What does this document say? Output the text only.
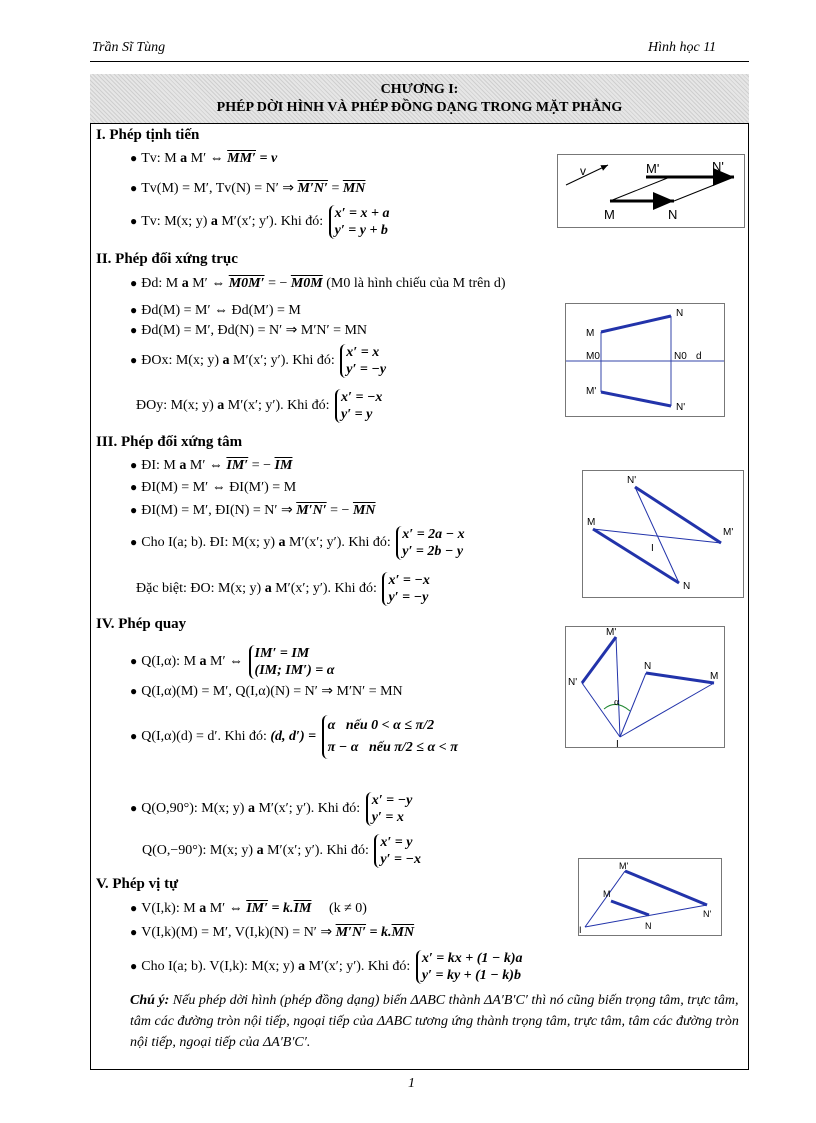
Trần Sĩ Tùng	Hình học 11
CHƯƠNG I:
PHÉP DỜI HÌNH VÀ PHÉP ĐỒNG DẠNG TRONG MẶT PHẲNG
I. Phép tịnh tiến
● Tv: M a M′ ⇔ MM′ = v
● Tv(M) = M′, Tv(N) = N′ ⇒ $M'N' = \overline{MN}$
● Tv: M(x; y) a M′(x′; y′). Khi đó:
x′ = x + a
y′ = y + b
v
M	N
M'	N'
II. Phép đối xứng trục
● Đd: M a M′ ⇔ M0M′ = − M0M (M0 là hình chiếu của M trên d)
● Đd(M) = M′ ⇔ Đd(M′) = M
● Đd(M) = M′, Đd(N) = N′ ⇒ M′N′ = MN
● ĐOx: M(x; y) a M′(x′; y′). Khi đó:
x′ = x
y′ = −y
ĐOy: M(x; y) a M′(x′; y′). Khi đó:
x′ = −x
y′ = y
M
N
M0	N0 d
M'
N'
III. Phép đối xứng tâm
● ĐI: M a M′ ⇔ IM′ = − $\overline{IM}$
● ĐI(M) = M′ ⇔ ĐI(M′) = M
● ĐI(M) = M′, ĐI(N) = N′ ⇒ M′N′ = − $\overline{MN}$
● Cho I(a; b). ĐI: M(x; y) a M′(x′; y′). Khi đó:
x′ = 2a − x
y′ = 2b − y
Đặc biệt: ĐO: M(x; y) a M′(x′; y′). Khi đó:
x′ = −x
y′ = −y
M
N
I
M'
N'
IV. Phép quay
● Q(I,α): M a M′ ⇔
IM′ = IM
(IM; IM′) = α
● Q(I,α)(M) = M′, Q(I,α)(N) = N′ ⇒ M′N′ = MN
● Q(I,α)(d) = d′. Khi đó: (d, d′) =
α nếu 0 < α ≤ π/2
π − α nếu π/2 ≤ α < π
● Q(O,90°): M(x; y) a M′(x′; y′). Khi đó:
x′ = −y
y′ = x
Q(O,−90°): M(x; y) a M′(x′; y′). Khi đó:
x′ = y
y′ = −x
M'
N'
N
M
I
α
V. Phép vị tự
● V(I,k): M a M′ ⇔ $IM' = k.\overline{IM}$ (k ≠ 0)
● V(I,k)(M) = M′, V(I,k)(N) = N′ ⇒ $M'N' = k.\overline{MN}$
● Cho I(a; b). V(I,k): M(x; y) a M′(x′; y′). Khi đó:
x′ = kx + (1 − k)a
y′ = ky + (1 − k)b
I
M
N
M'
N'
Chú ý: Nếu phép dời hình (phép đồng dạng) biến ΔABC thành ΔA′B′C′ thì nó cũng biến trọng tâm, trực tâm, tâm các đường tròn nội tiếp, ngoại tiếp của ΔABC tương ứng thành trọng tâm, trực tâm, tâm các đường tròn nội tiếp, ngoại tiếp của ΔA′B′C′.
1
